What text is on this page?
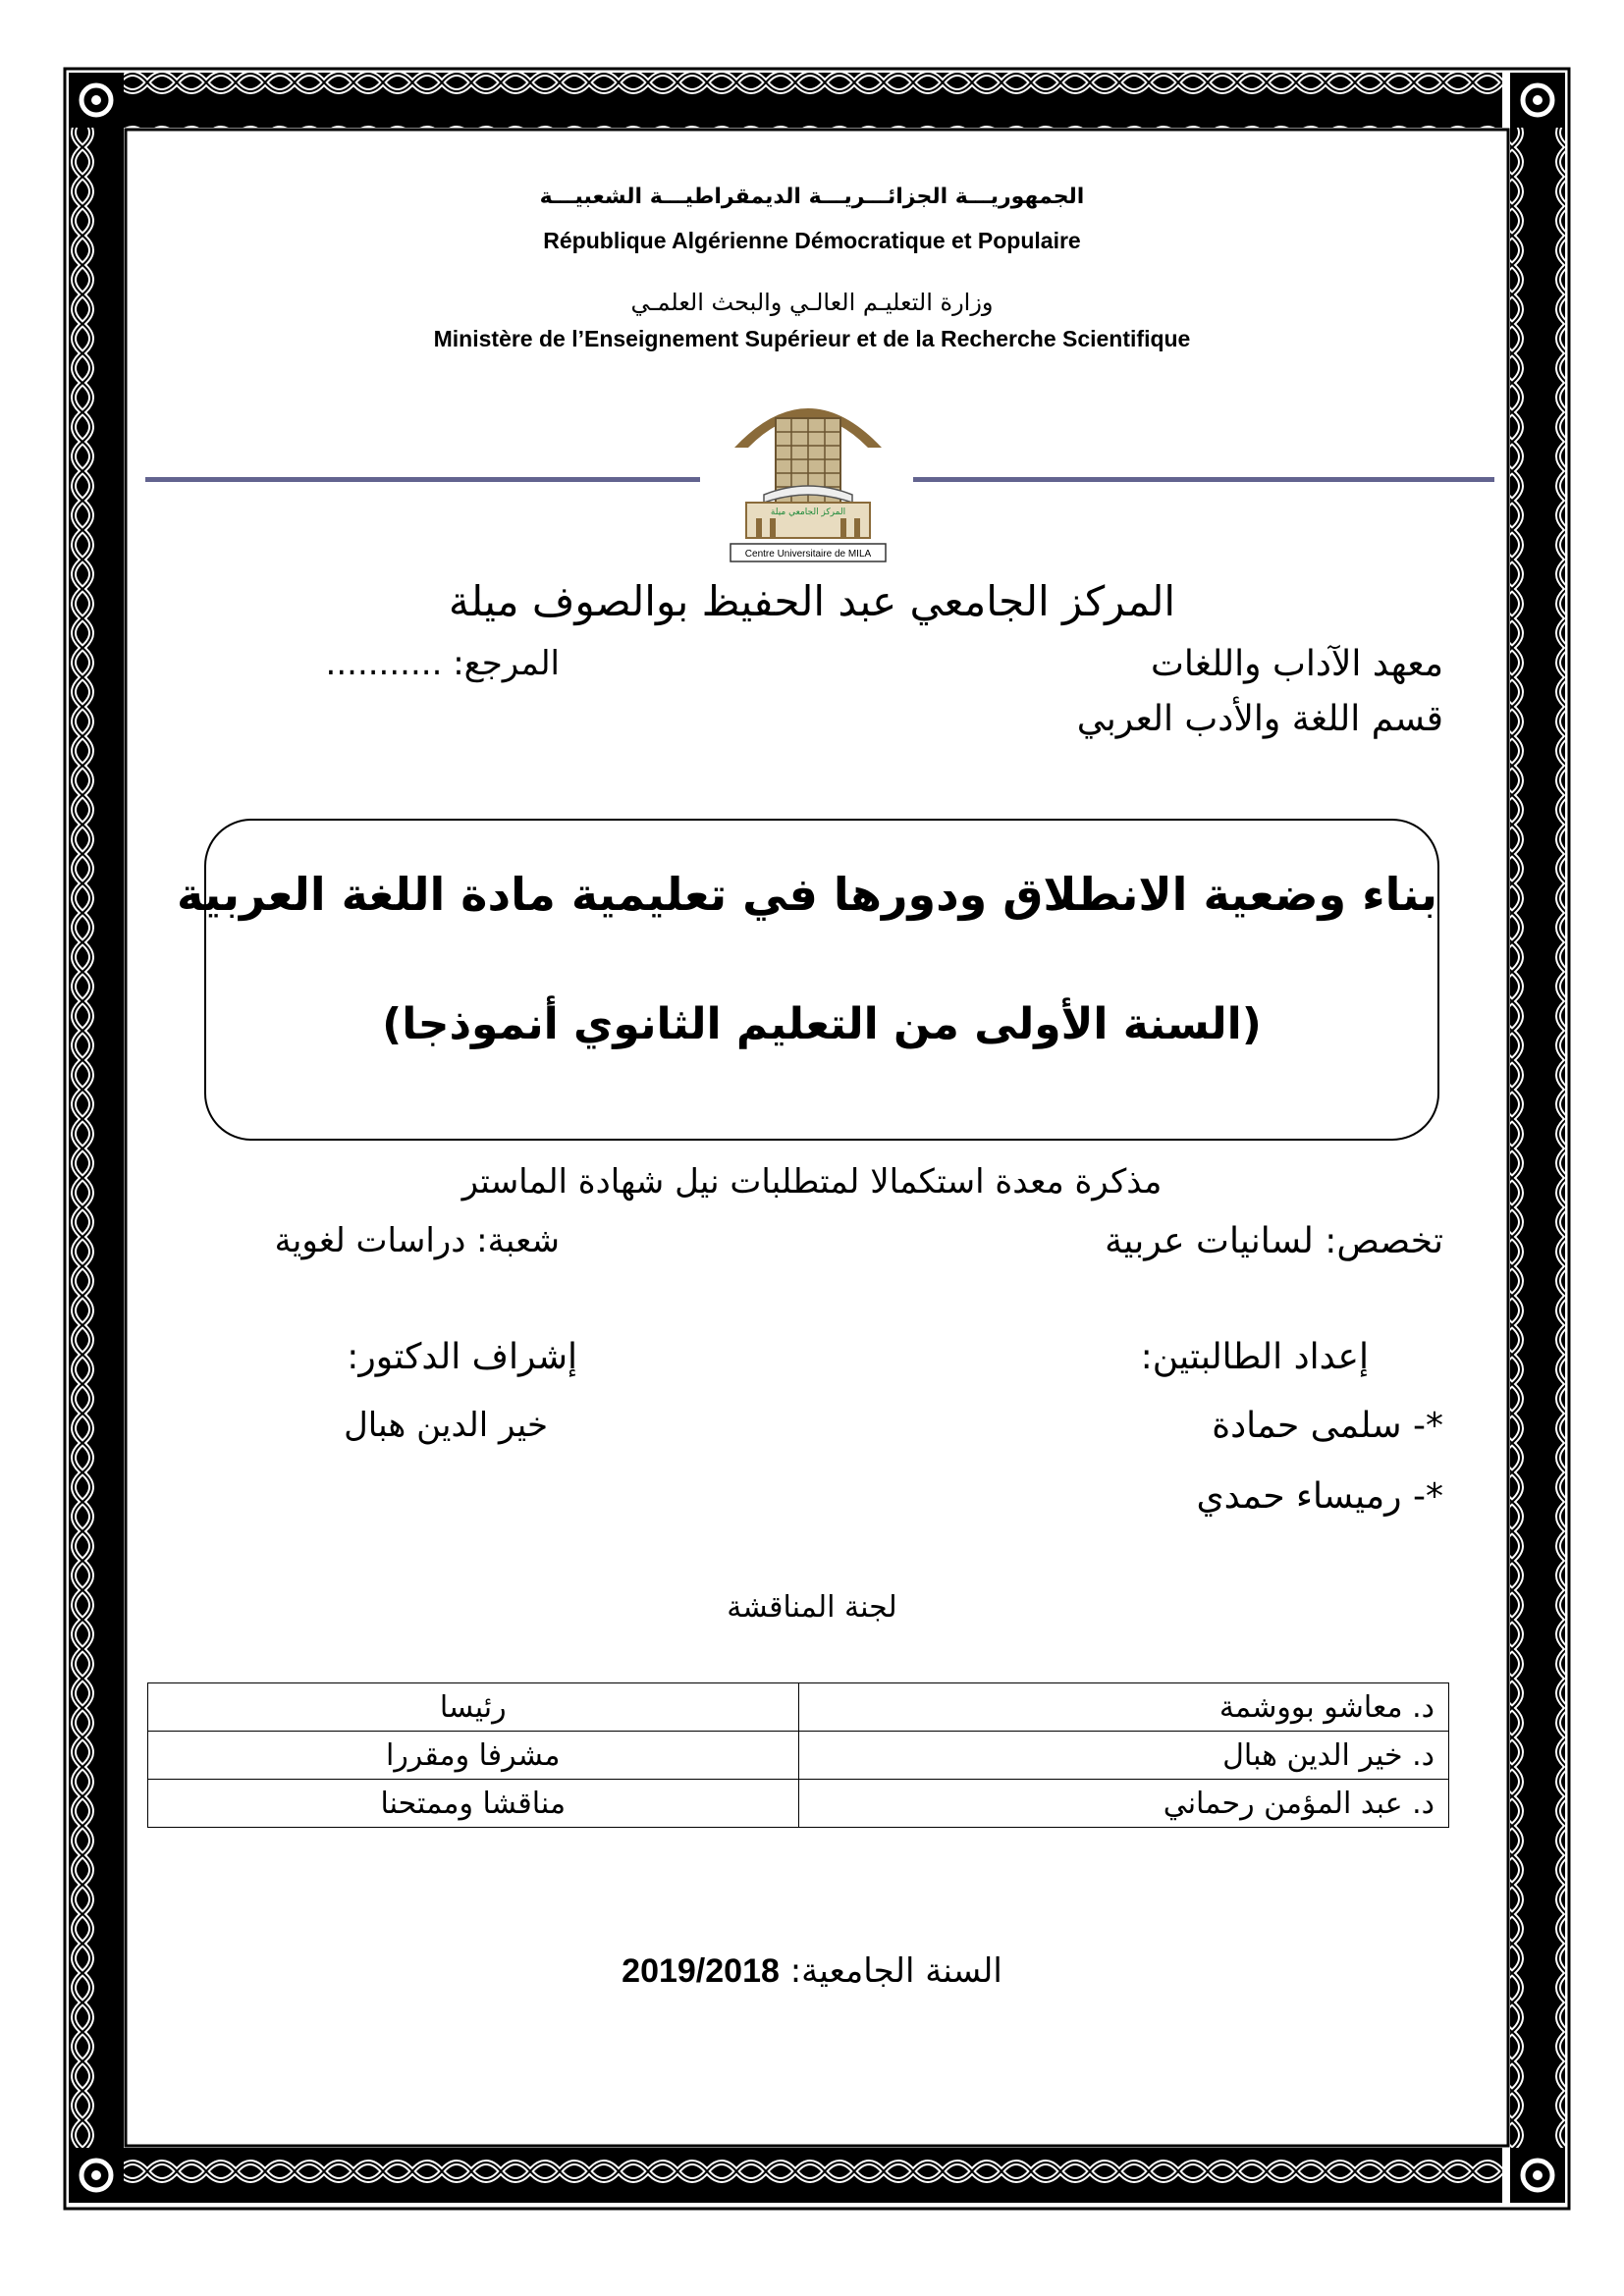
الجمهوريـــة الجزائـــريـــة الديمقراطيـــة الشعبيـــة
République Algérienne Démocratique et Populaire
وزارة التعليـم العالـي والبحث العلمـي
Ministère de l’Enseignement Supérieur et de la Recherche Scientifique
المركز الجامعي ميلة
Centre Universitaire de MILA
المركز الجامعي عبد الحفيظ بوالصوف ميلة
معهد الآداب واللغات
المرجع: ...........
قسم اللغة والأدب العربي
بناء وضعية الانطلاق ودورها في تعليمية مادة اللغة العربية
(السنة الأولى من التعليم الثانوي أنموذجا)
مذكرة معدة استكمالا لمتطلبات نيل شهادة الماستر
تخصص: لسانيات عربية
شعبة: دراسات لغوية
إعداد الطالبتين:
إشراف الدكتور:
*- سلمى حمادة
خير الدين هبال
*- رميساء حمدي
لجنة المناقشة
د. معاشو بووشمة	رئيسا
د. خير الدين هبال	مشرفا ومقررا
د. عبد المؤمن رحماني	مناقشا وممتحنا
السنة الجامعية: 2019/2018
